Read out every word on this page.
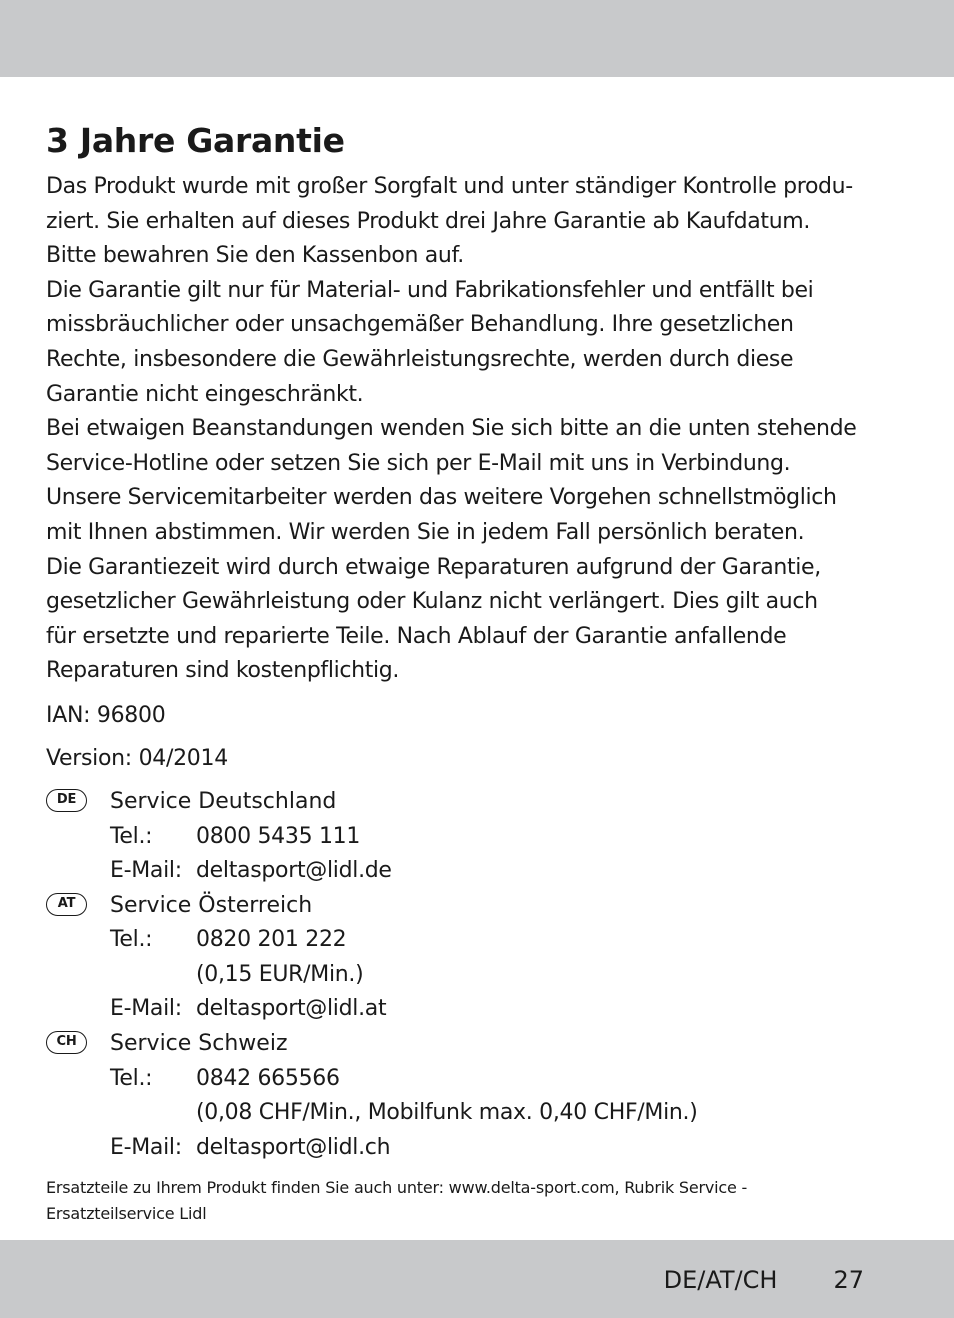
3 Jahre Garantie

Das Produkt wurde mit großer Sorgfalt und unter ständiger Kontrolle produ-
ziert. Sie erhalten auf dieses Produkt drei Jahre Garantie ab Kaufdatum.
Bitte bewahren Sie den Kassenbon auf.

Die Garantie gilt nur für Material- und Fabrikationsfehler und entfällt bei
missbräuchlicher oder unsachgemäßer Behandlung. Ihre gesetzlichen
Rechte, insbesondere die Gewährleistungsrechte, werden durch diese
Garantie nicht eingeschränkt.

Bei etwaigen Beanstandungen wenden Sie sich bitte an die unten stehende
Service-Hotline oder setzen Sie sich per E-Mail mit uns in Verbindung.
Unsere Servicemitarbeiter werden das weitere Vorgehen schnellstmöglich
mit Ihnen abstimmen. Wir werden Sie in jedem Fall persönlich beraten.

Die Garantiezeit wird durch etwaige Reparaturen aufgrund der Garantie,
gesetzlicher Gewährleistung oder Kulanz nicht verlängert. Dies gilt auch
für ersetzte und reparierte Teile. Nach Ablauf der Garantie anfallende
Reparaturen sind kostenpflichtig.

IAN: 96800

Version: 04/2014

DE	Service Deutschland
Tel.:	0800 5435 111
E-Mail: deltasport@lidl.de
AT	Service Österreich
Tel.:	0820 201 222
(0,15 EUR/Min.)
E-Mail: deltasport@lidl.at
CH	Service Schweiz
Tel.:	0842 665566
(0,08 CHF/Min., Mobilfunk max. 0,40 CHF/Min.)
E-Mail: deltasport@lidl.ch
Ersatzteile zu Ihrem Produkt finden Sie auch unter: www.delta-sport.com, Rubrik Service -
Ersatzteilservice Lidl
DE/AT/CH 27
